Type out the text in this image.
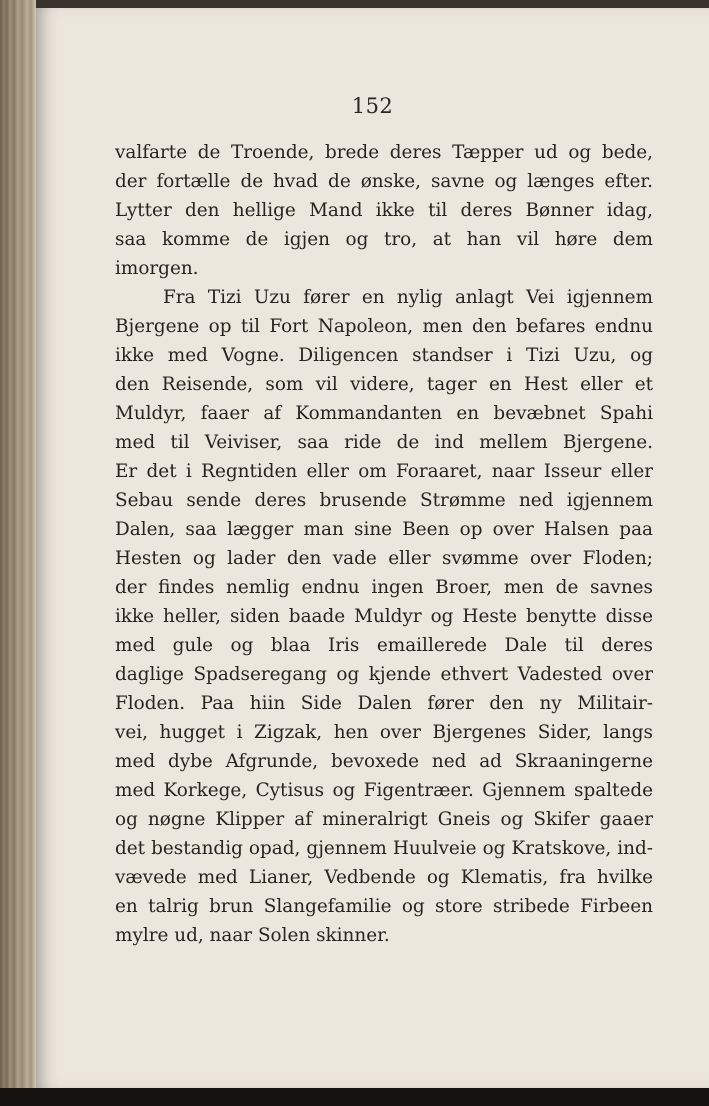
152
valfarte de Troende, brede deres Tæpper ud og bede,
der fortælle de hvad de ønske, savne og længes efter.
Lytter den hellige Mand ikke til deres Bønner idag,
saa komme de igjen og tro, at han vil høre dem
imorgen.
Fra Tizi Uzu fører en nylig anlagt Vei igjennem
Bjergene op til Fort Napoleon, men den befares endnu
ikke med Vogne. Diligencen standser i Tizi Uzu, og
den Reisende, som vil videre, tager en Hest eller et
Muldyr, faaer af Kommandanten en bevæbnet Spahi
med til Veiviser, saa ride de ind mellem Bjergene.
Er det i Regntiden eller om Foraaret, naar Isseur eller
Sebau sende deres brusende Strømme ned igjennem
Dalen, saa lægger man sine Been op over Halsen paa
Hesten og lader den vade eller svømme over Floden;
der findes nemlig endnu ingen Broer, men de savnes
ikke heller, siden baade Muldyr og Heste benytte disse
med gule og blaa Iris emaillerede Dale til deres
daglige Spadseregang og kjende ethvert Vadested over
Floden. Paa hiin Side Dalen fører den ny Militair-
vei, hugget i Zigzak, hen over Bjergenes Sider, langs
med dybe Afgrunde, bevoxede ned ad Skraaningerne
med Korkege, Cytisus og Figentræer. Gjennem spaltede
og nøgne Klipper af mineralrigt Gneis og Skifer gaaer
det bestandig opad, gjennem Huulveie og Kratskove, ind-
vævede med Lianer, Vedbende og Klematis, fra hvilke
en talrig brun Slangefamilie og store stribede Firbeen
mylre ud, naar Solen skinner.
